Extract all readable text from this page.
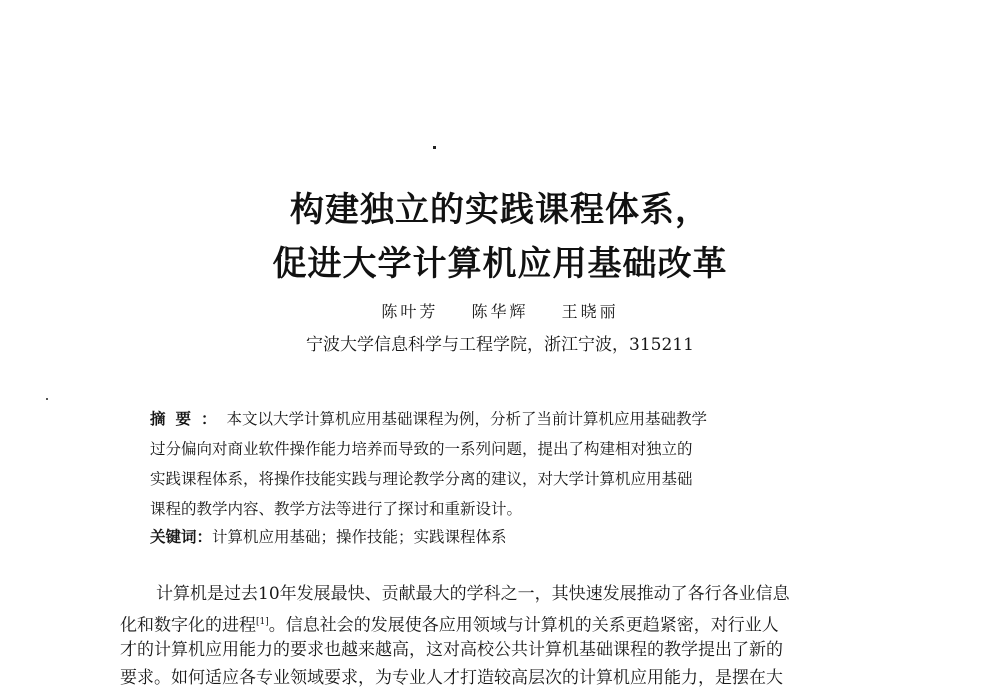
构建独立的实践课程体系，
促进大学计算机应用基础改革
陈叶芳 陈华辉 王晓丽
宁波大学信息科学与工程学院，浙江宁波，315211
摘要：本文以大学计算机应用基础课程为例，分析了当前计算机应用基础教学
过分偏向对商业软件操作能力培养而导致的一系列问题，提出了构建相对独立的
实践课程体系，将操作技能实践与理论教学分离的建议，对大学计算机应用基础
课程的教学内容、教学方法等进行了探讨和重新设计。
关键词：计算机应用基础；操作技能；实践课程体系
计算机是过去10年发展最快、贡献最大的学科之一，其快速发展推动了各行各业信息
化和数字化的进程[1]。信息社会的发展使各应用领域与计算机的关系更趋紧密，对行业人
才的计算机应用能力的要求也越来越高，这对高校公共计算机基础课程的教学提出了新的
要求。如何适应各专业领域要求，为专业人才打造较高层次的计算机应用能力，是摆在大
